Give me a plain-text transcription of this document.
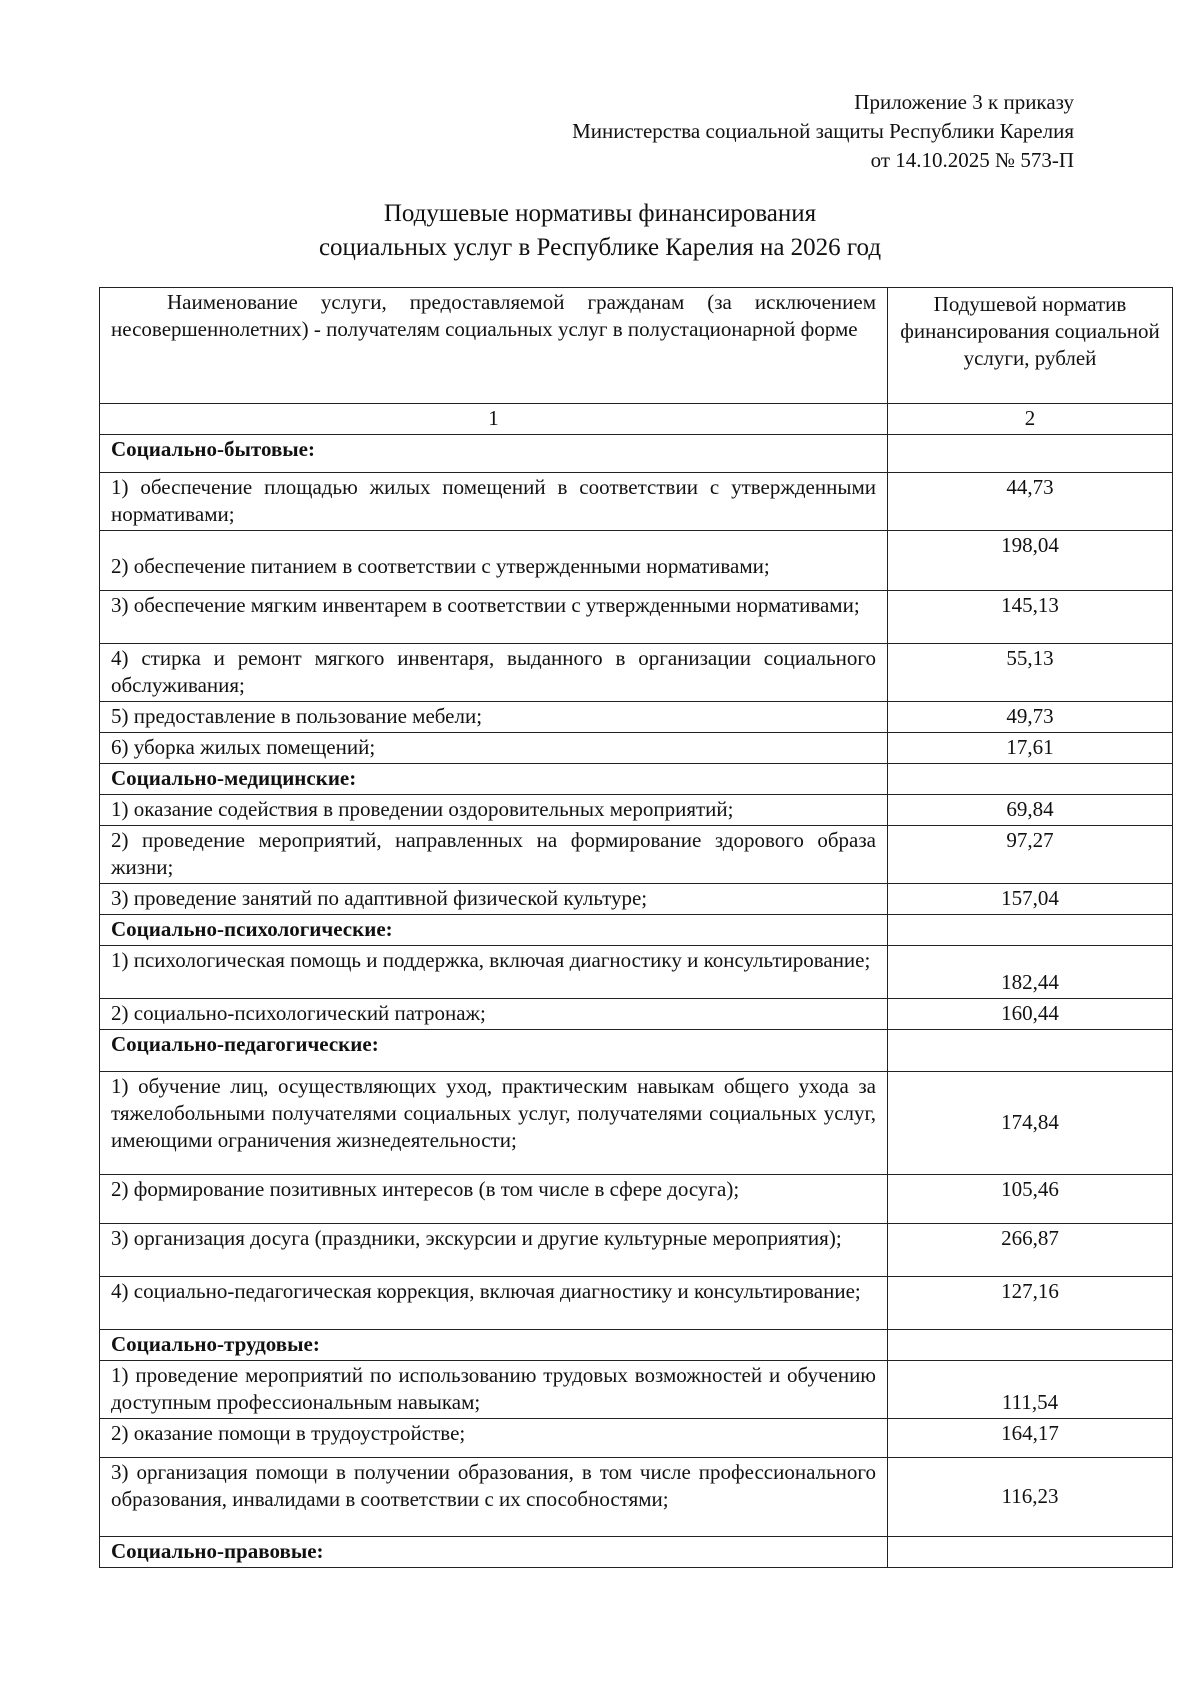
Приложение 3 к приказу
Министерства социальной защиты Республики Карелия
от 14.10.2025 № 573-П
Подушевые нормативы финансирования
социальных услуг в Республике Карелия на 2026 год
Наименование услуги, предоставляемой гражданам (за исключением несовершеннолетних) - получателям социальных услуг в полустационарной форме	Подушевой норматив финансирования социальной услуги, рублей
1	2
Социально-бытовые:	
1) обеспечение площадью жилых помещений в соответствии с утвержденными нормативами;	44,73
2) обеспечение питанием в соответствии с утвержденными нормативами;	198,04
3) обеспечение мягким инвентарем в соответствии с утвержденными нормативами;	145,13
4) стирка и ремонт мягкого инвентаря, выданного в организации социального обслуживания;	55,13
5) предоставление в пользование мебели;	49,73
6) уборка жилых помещений;	17,61
Социально-медицинские:	
1) оказание содействия в проведении оздоровительных мероприятий;	69,84
2) проведение мероприятий, направленных на формирование здорового образа жизни;	97,27
3) проведение занятий по адаптивной физической культуре;	157,04
Социально-психологические:	
1) психологическая помощь и поддержка, включая диагностику и консультирование;	182,44
2) социально-психологический патронаж;	160,44
Социально-педагогические:	
1) обучение лиц, осуществляющих уход, практическим навыкам общего ухода за тяжелобольными получателями социальных услуг, получателями социальных услуг, имеющими ограничения жизнедеятельности;	174,84
2) формирование позитивных интересов (в том числе в сфере досуга);	105,46
3) организация досуга (праздники, экскурсии и другие культурные мероприятия);	266,87
4) социально-педагогическая коррекция, включая диагностику и консультирование;	127,16
Социально-трудовые:	
1) проведение мероприятий по использованию трудовых возможностей и обучению доступным профессиональным навыкам;	111,54
2) оказание помощи в трудоустройстве;	164,17
3) организация помощи в получении образования, в том числе профессионального образования, инвалидами в соответствии с их способностями;	116,23
Социально-правовые:	
